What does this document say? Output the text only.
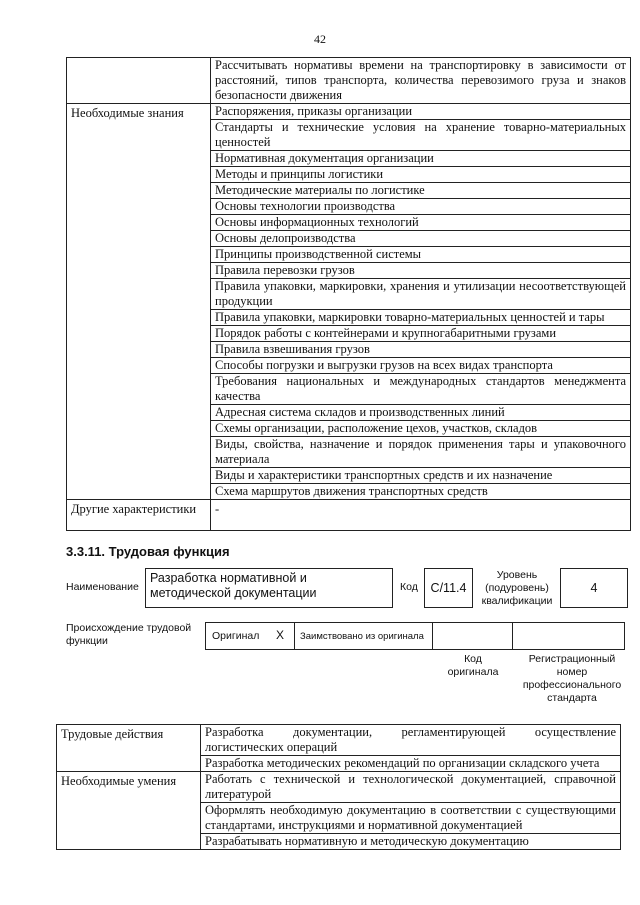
42
	Рассчитывать нормативы времени на транспортировку в зависимости от расстояний, типов транспорта, количества перевозимого груза и знаков безопасности движения
Необходимые знания	Распоряжения, приказы организации
	Стандарты и технические условия на хранение товарно-материальных ценностей
	Нормативная документация организации
	Методы и принципы логистики
	Методические материалы по логистике
	Основы технологии производства
	Основы информационных технологий
	Основы делопроизводства
	Принципы производственной системы
	Правила перевозки грузов
	Правила упаковки, маркировки, хранения и утилизации несоответствующей продукции
	Правила упаковки, маркировки товарно-материальных ценностей и тары
	Порядок работы с контейнерами и крупногабаритными грузами
	Правила взвешивания грузов
	Способы погрузки и выгрузки грузов на всех видах транспорта
	Требования национальных и международных стандартов менеджмента качества
	Адресная система складов и производственных линий
	Схемы организации, расположение цехов, участков, складов
	Виды, свойства, назначение и порядок применения тары и упаковочного материала
	Виды и характеристики транспортных средств и их назначение
	Схема маршрутов движения транспортных средств
Другие характеристики	-
3.3.11. Трудовая функция
Наименование
Разработка нормативной и методической документации	Код	С/11.4
Уровень (подуровень) квалификации
4
Происхождение трудовой функции	Оригинал X Заимствовано из оригинала
Код оригинала
Регистрационный номер профессионального стандарта
Трудовые действия	Разработка документации, регламентирующей осуществление логистических операций
	Разработка методических рекомендаций по организации складского учета
Необходимые умения	Работать с технической и технологической документацией, справочной литературой
	Оформлять необходимую документацию в соответствии с существующими стандартами, инструкциями и нормативной документацией
	Разрабатывать нормативную и методическую документацию
